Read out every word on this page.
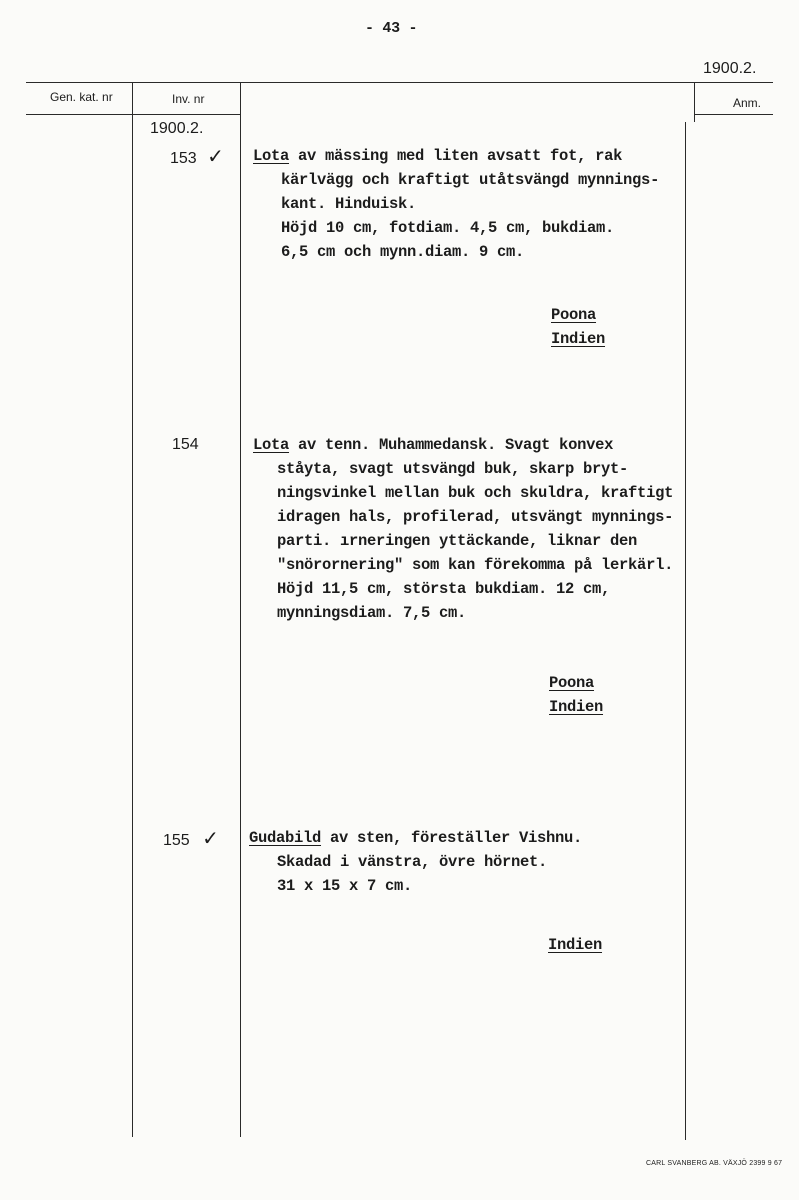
- 43 -
1900.2.
Gen. kat. nr	Inv. nr	Anm.
1900.2.
153 ✓ Lota av mässing med liten avsatt fot, rak
kärlvägg och kraftigt utåtsvängd mynnings-
kant. Hinduisk.
Höjd 10 cm, fotdiam. 4,5 cm, bukdiam.
6,5 cm och mynn.diam. 9 cm.
Poona
Indien
154	Lota av tenn. Muhammedansk. Svagt konvex
ståyta, svagt utsvängd buk, skarp bryt-
ningsvinkel mellan buk och skuldra, kraftigt
idragen hals, profilerad, utsvängt mynnings-
parti. ırneringen yttäckande, liknar den
"snörornering" som kan förekomma på lerkärl.
Höjd 11,5 cm, största bukdiam. 12 cm,
mynningsdiam. 7,5 cm.
Poona
Indien
155 ✓ Gudabild av sten, föreställer Vishnu.
Skadad i vänstra, övre hörnet.
31 x 15 x 7 cm.
Indien
CARL SVANBERG AB. VÄXJÖ 2399 9 67
